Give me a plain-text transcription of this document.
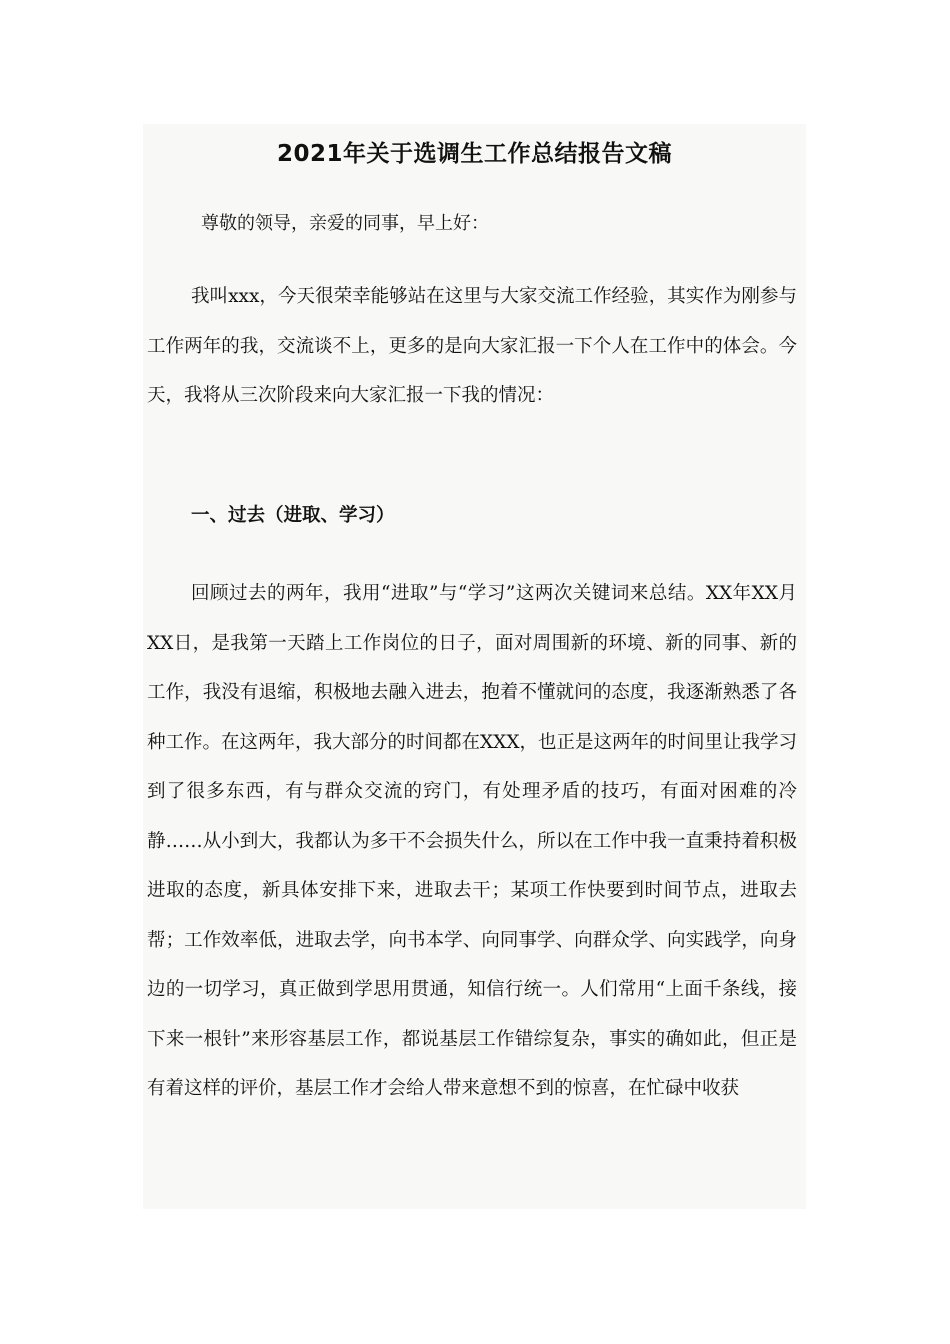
2021年关于选调生工作总结报告文稿

尊敬的领导，亲爱的同事，早上好：

我叫xxx，今天很荣幸能够站在这里与大家交流工作经验，其实作为刚参与工作两年的我，交流谈不上，更多的是向大家汇报一下个人在工作中的体会。今天，我将从三次阶段来向大家汇报一下我的情况：

一、过去（进取、学习）

回顾过去的两年，我用“进取”与“学习”这两次关键词来总结。XX年XX月XX日，是我第一天踏上工作岗位的日子，面对周围新的环境、新的同事、新的工作，我没有退缩，积极地去融入进去，抱着不懂就问的态度，我逐渐熟悉了各种工作。在这两年，我大部分的时间都在XXX，也正是这两年的时间里让我学习到了很多东西，有与群众交流的窍门，有处理矛盾的技巧，有面对困难的冷静……从小到大，我都认为多干不会损失什么，所以在工作中我一直秉持着积极进取的态度，新具体安排下来，进取去干；某项工作快要到时间节点，进取去帮；工作效率低，进取去学，向书本学、向同事学、向群众学、向实践学，向身边的一切学习，真正做到学思用贯通，知信行统一。人们常用“上面千条线，接下来一根针”来形容基层工作，都说基层工作错综复杂，事实的确如此，但正是有着这样的评价，基层工作才会给人带来意想不到的惊喜，在忙碌中收获
